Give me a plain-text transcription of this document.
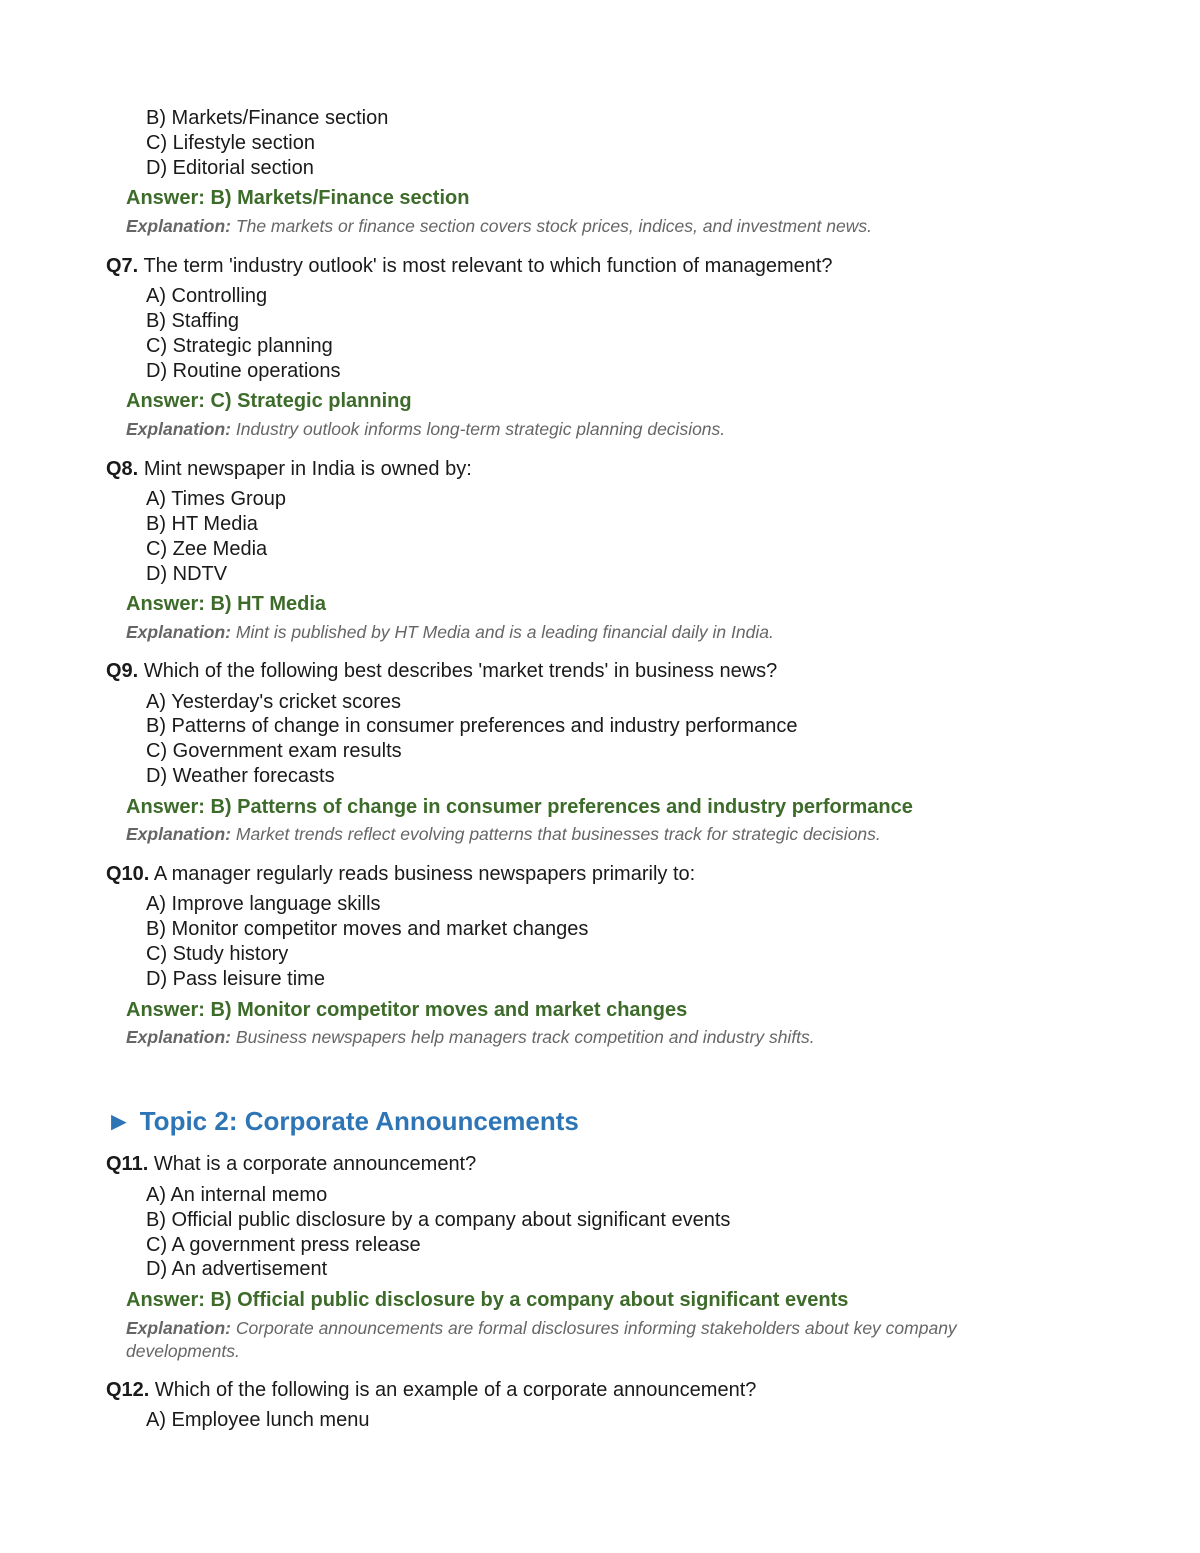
B) Markets/Finance section
C) Lifestyle section
D) Editorial section
Answer: B) Markets/Finance section
Explanation: The markets or finance section covers stock prices, indices, and investment news.
Q7. The term 'industry outlook' is most relevant to which function of management?
A) Controlling
B) Staffing
C) Strategic planning
D) Routine operations
Answer: C) Strategic planning
Explanation: Industry outlook informs long-term strategic planning decisions.
Q8. Mint newspaper in India is owned by:
A) Times Group
B) HT Media
C) Zee Media
D) NDTV
Answer: B) HT Media
Explanation: Mint is published by HT Media and is a leading financial daily in India.
Q9. Which of the following best describes 'market trends' in business news?
A) Yesterday's cricket scores
B) Patterns of change in consumer preferences and industry performance
C) Government exam results
D) Weather forecasts
Answer: B) Patterns of change in consumer preferences and industry performance
Explanation: Market trends reflect evolving patterns that businesses track for strategic decisions.
Q10. A manager regularly reads business newspapers primarily to:
A) Improve language skills
B) Monitor competitor moves and market changes
C) Study history
D) Pass leisure time
Answer: B) Monitor competitor moves and market changes
Explanation: Business newspapers help managers track competition and industry shifts.
► Topic 2: Corporate Announcements
Q11. What is a corporate announcement?
A) An internal memo
B) Official public disclosure by a company about significant events
C) A government press release
D) An advertisement
Answer: B) Official public disclosure by a company about significant events
Explanation: Corporate announcements are formal disclosures informing stakeholders about key company developments.
Q12. Which of the following is an example of a corporate announcement?
A) Employee lunch menu
